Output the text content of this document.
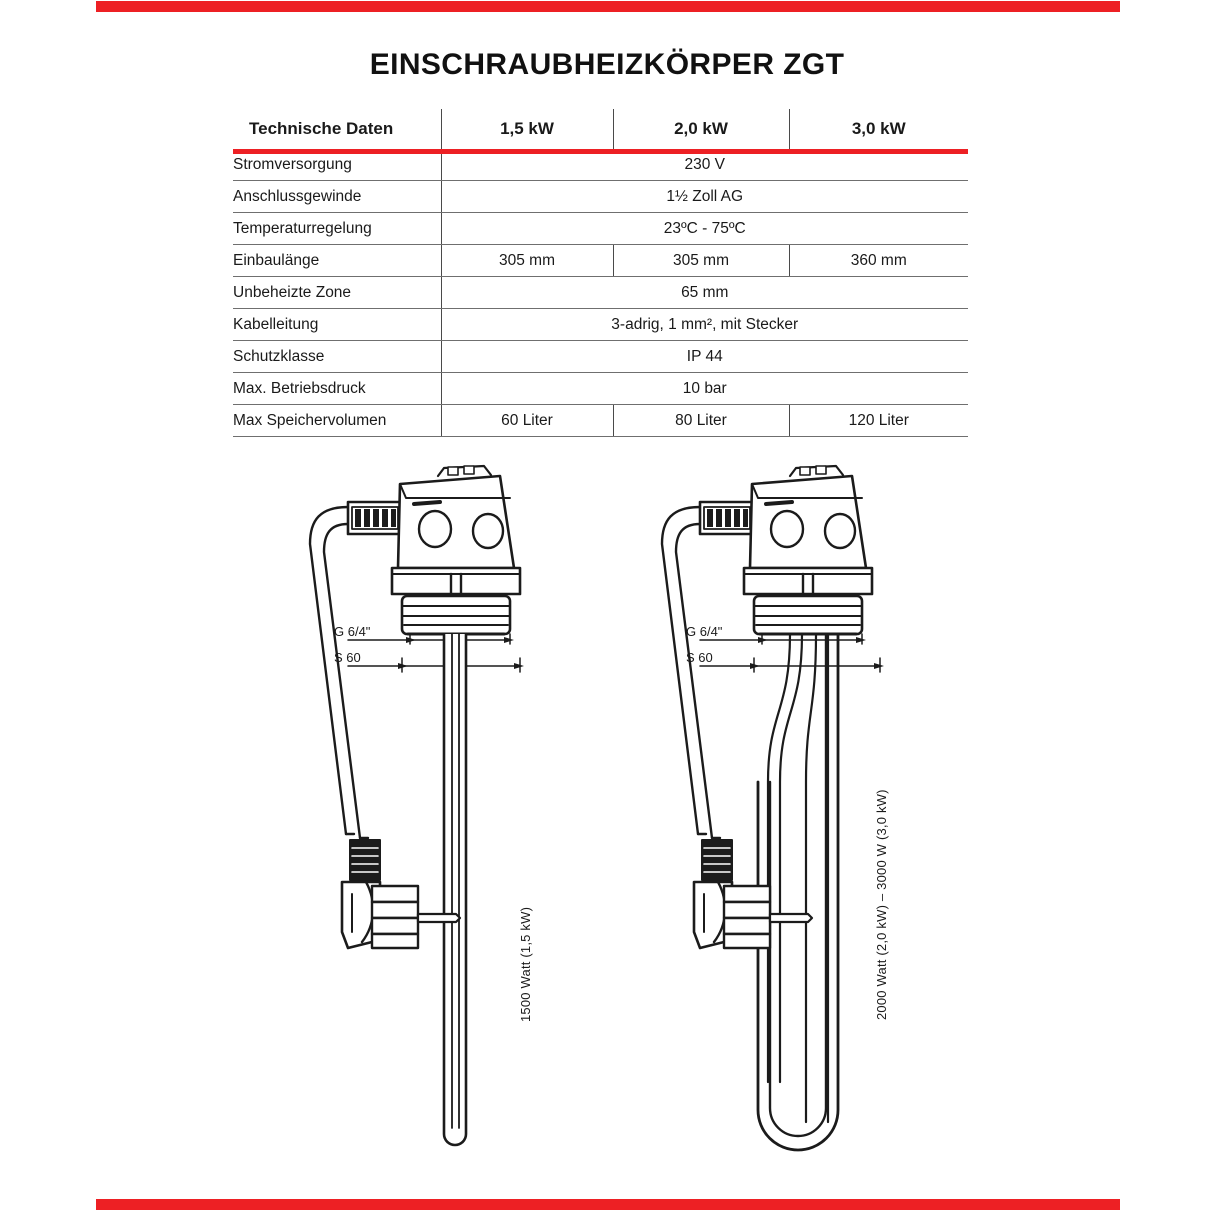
EINSCHRAUBHEIZKÖRPER ZGT
Technische Daten	1,5 kW	2,0 kW	3,0 kW
Stromversorgung	230 V		
Anschlussgewinde	1½ Zoll AG		
Temperaturregelung	23ºC - 75ºC		
Einbaulänge	305 mm	305 mm	360 mm
Unbeheizte Zone	65 mm		
Kabelleitung	3-adrig, 1 mm², mit Stecker		
Schutzklasse	IP 44		
Max. Betriebsdruck	10 bar		
Max Speichervolumen	60 Liter	80 Liter	120 Liter
1500 Watt (1,5 kW)
G 6/4"
S 60
2000 Watt (2,0 kW) – 3000 W (3,0 kW)
G 6/4"
S 60
